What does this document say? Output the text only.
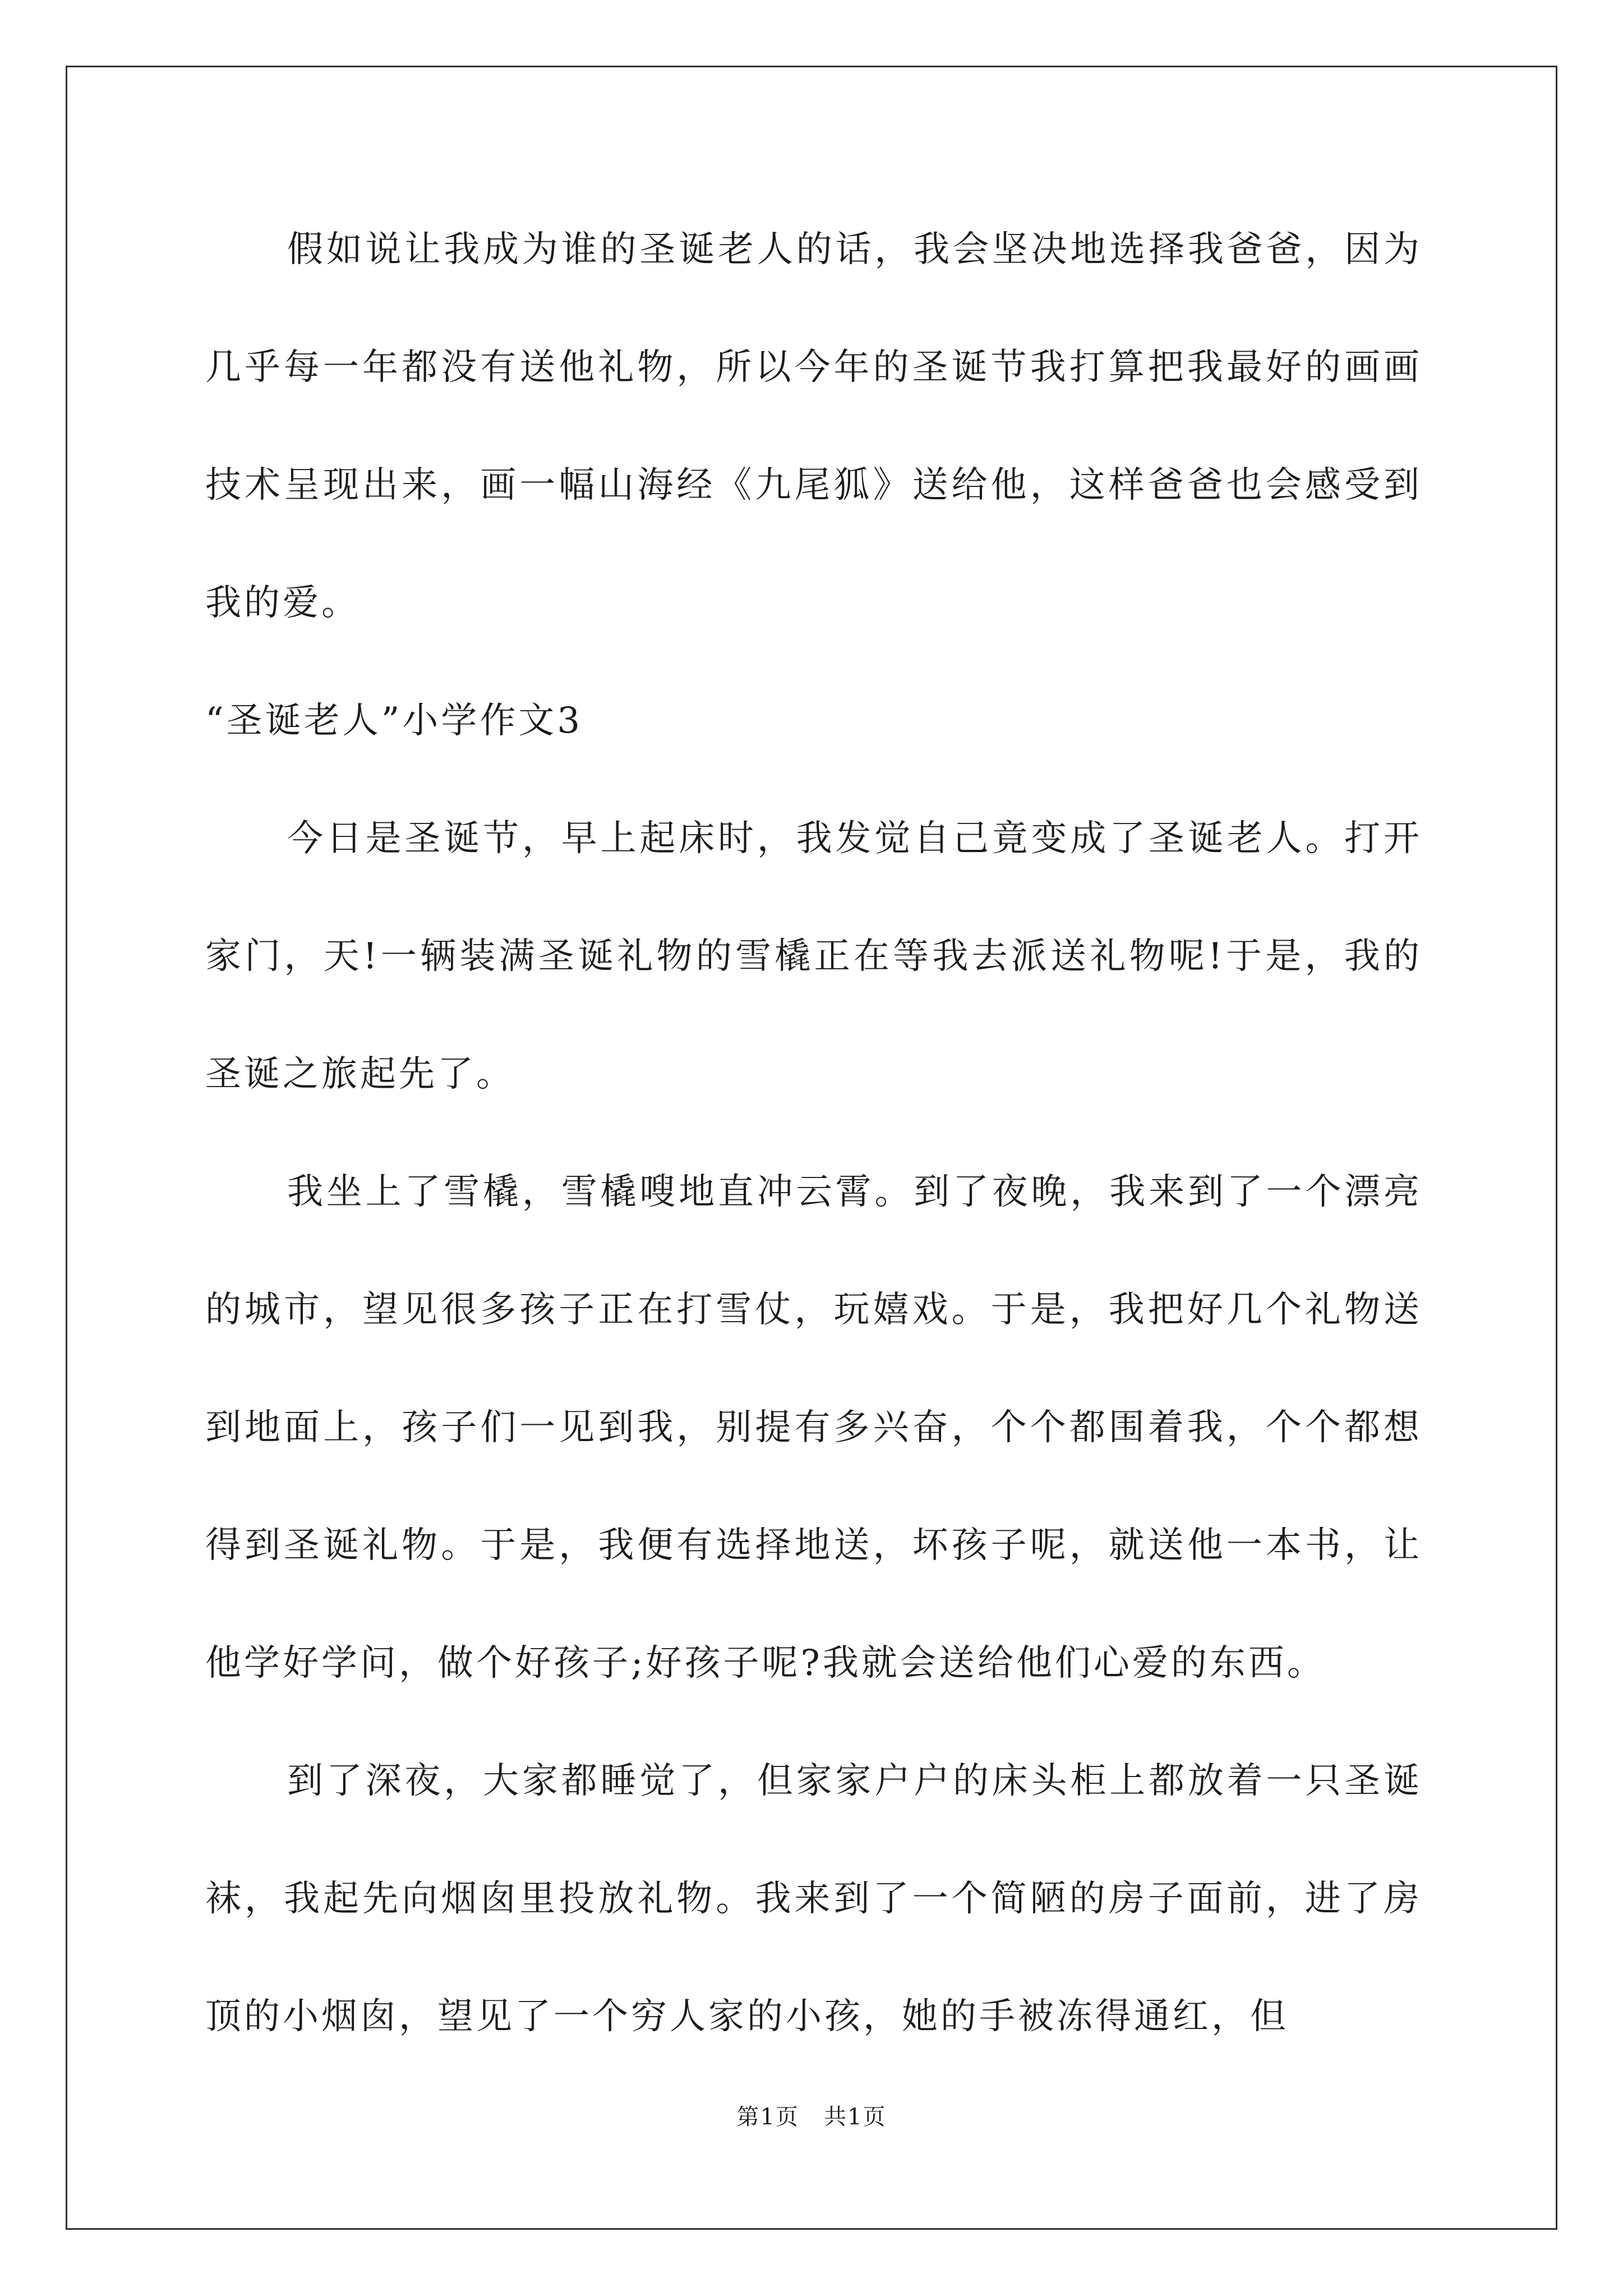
假如说让我成为谁的圣诞老人的话，我会坚决地选择我爸爸，因为几乎每一年都没有送他礼物，所以今年的圣诞节我打算把我最好的画画技术呈现出来，画一幅山海经《九尾狐》送给他，这样爸爸也会感受到我的爱。

“圣诞老人”小学作文3

今日是圣诞节，早上起床时，我发觉自己竟变成了圣诞老人。打开家门，天!一辆装满圣诞礼物的雪橇正在等我去派送礼物呢!于是，我的圣诞之旅起先了。

我坐上了雪橇，雪橇嗖地直冲云霄。到了夜晚，我来到了一个漂亮的城市，望见很多孩子正在打雪仗，玩嬉戏。于是，我把好几个礼物送到地面上，孩子们一见到我，别提有多兴奋，个个都围着我，个个都想得到圣诞礼物。于是，我便有选择地送，坏孩子呢，就送他一本书，让他学好学问，做个好孩子;好孩子呢?我就会送给他们心爱的东西。

到了深夜，大家都睡觉了，但家家户户的床头柜上都放着一只圣诞袜，我起先向烟囱里投放礼物。我来到了一个简陋的房子面前，进了房顶的小烟囱，望见了一个穷人家的小孩，她的手被冻得通红，但

第1页 共1页
